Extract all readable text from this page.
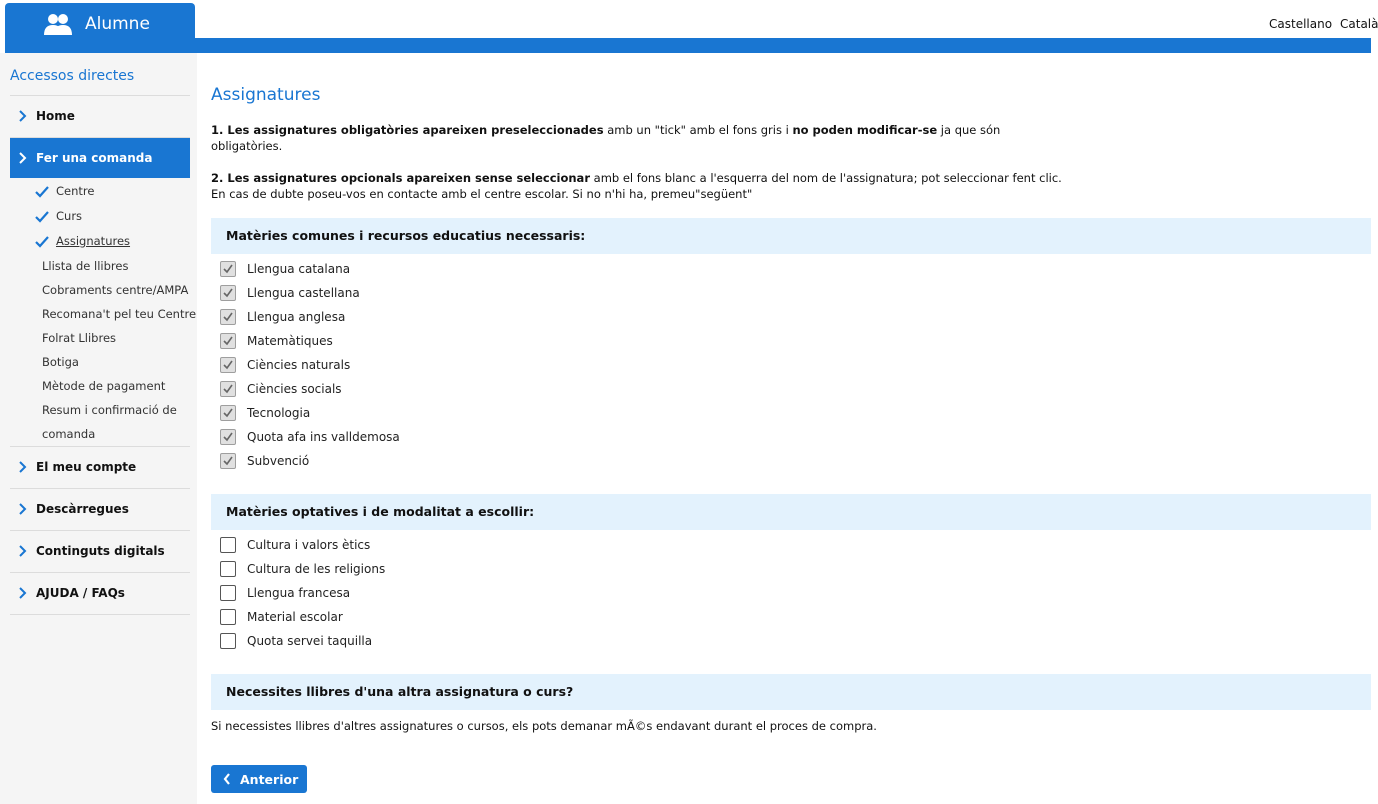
Alumne	Castellano Català
Accessos directes
Home
Fer una comanda
Centre
Curs
Assignatures
Llista de llibres
Cobraments centre/AMPA
Recomana't pel teu Centre
Folrat Llibres
Botiga
Mètode de pagament
Resum i confirmació de
comanda
El meu compte
Descàrregues
Continguts digitals
AJUDA / FAQs
Assignatures
1. Les assignatures obligatòries apareixen preseleccionades amb un "tick" amb el fons gris i no poden modificar-se ja que són
obligatòries.
2. Les assignatures opcionals apareixen sense seleccionar amb el fons blanc a l'esquerra del nom de l'assignatura; pot seleccionar fent clic.
En cas de dubte poseu-vos en contacte amb el centre escolar. Si no n'hi ha, premeu"següent"
Matèries comunes i recursos educatius necessaris:
Llengua catalana
Llengua castellana
Llengua anglesa
Matemàtiques
Ciències naturals
Ciències socials
Tecnologia
Quota afa ins valldemosa
Subvenció
Matèries optatives i de modalitat a escollir:
Cultura i valors ètics
Cultura de les religions
Llengua francesa
Material escolar
Quota servei taquilla
Necessites llibres d'una altra assignatura o curs?
Si necessistes llibres d'altres assignatures o cursos, els pots demanar mÃ©s endavant durant el proces de compra.
Anterior
